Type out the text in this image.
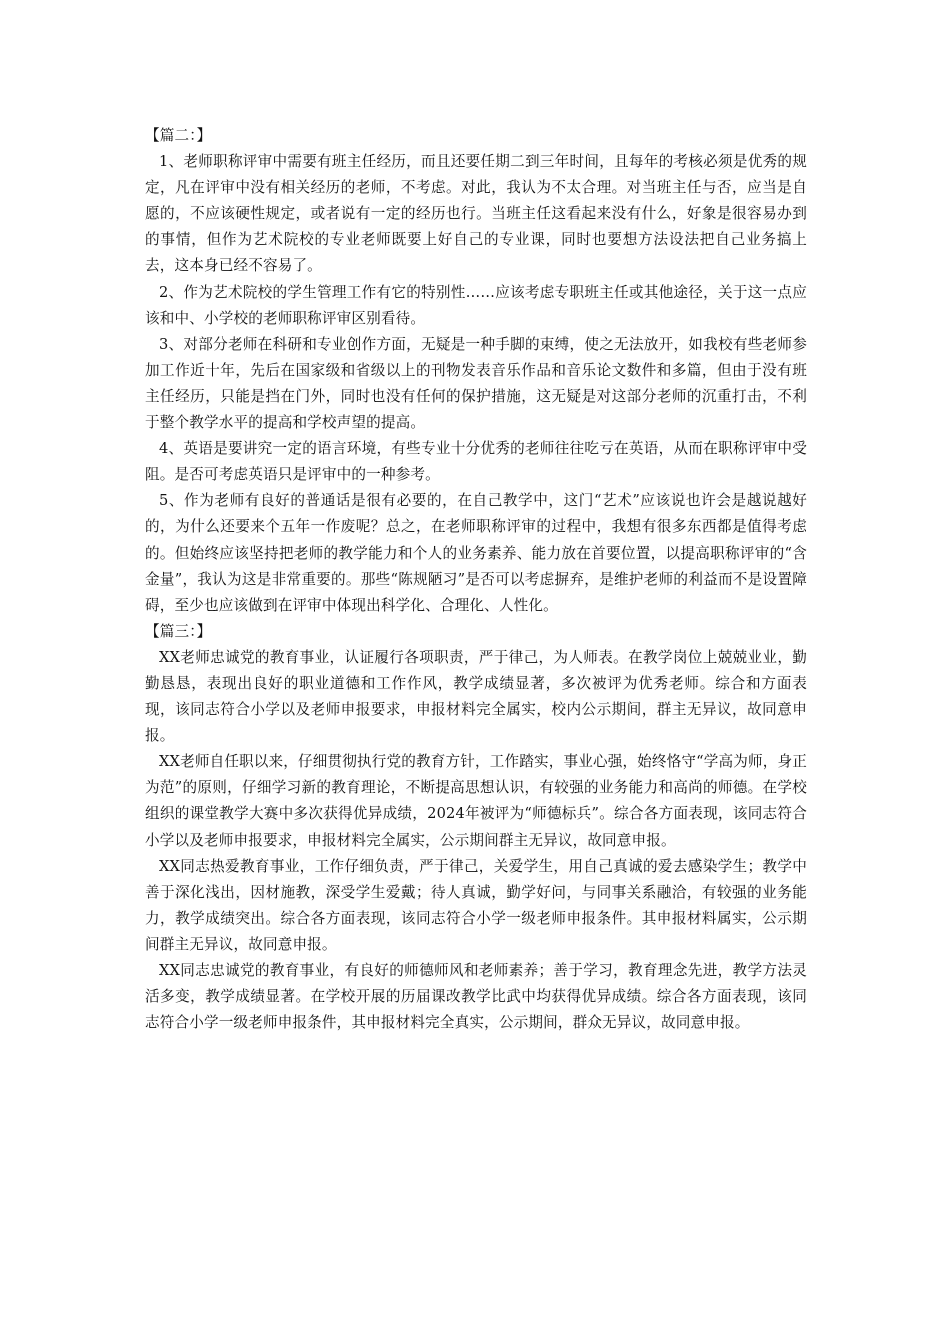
【篇二：】

1、老师职称评审中需要有班主任经历，而且还要任期二到三年时间，且每年的考核必须是优秀的规定，凡在评审中没有相关经历的老师，不考虑。对此，我认为不太合理。对当班主任与否，应当是自愿的，不应该硬性规定，或者说有一定的经历也行。当班主任这看起来没有什么，好象是很容易办到的事情，但作为艺术院校的专业老师既要上好自己的专业课，同时也要想方法设法把自己业务搞上去，这本身已经不容易了。

2、作为艺术院校的学生管理工作有它的特别性……应该考虑专职班主任或其他途径，关于这一点应该和中、小学校的老师职称评审区别看待。

3、对部分老师在科研和专业创作方面，无疑是一种手脚的束缚，使之无法放开，如我校有些老师参加工作近十年，先后在国家级和省级以上的刊物发表音乐作品和音乐论文数件和多篇，但由于没有班主任经历，只能是挡在门外，同时也没有任何的保护措施，这无疑是对这部分老师的沉重打击，不利于整个教学水平的提高和学校声望的提高。

4、英语是要讲究一定的语言环境，有些专业十分优秀的老师往往吃亏在英语，从而在职称评审中受阻。是否可考虑英语只是评审中的一种参考。

5、作为老师有良好的普通话是很有必要的，在自己教学中，这门“艺术”应该说也许会是越说越好的，为什么还要来个五年一作废呢？总之，在老师职称评审的过程中，我想有很多东西都是值得考虑的。但始终应该坚持把老师的教学能力和个人的业务素养、能力放在首要位置，以提高职称评审的“含金量”，我认为这是非常重要的。那些“陈规陋习”是否可以考虑摒弃，是维护老师的利益而不是设置障碍，至少也应该做到在评审中体现出科学化、合理化、人性化。

【篇三：】

XX老师忠诚党的教育事业，认证履行各项职责，严于律己，为人师表。在教学岗位上兢兢业业，勤勤恳恳，表现出良好的职业道德和工作作风，教学成绩显著，多次被评为优秀老师。综合和方面表现，该同志符合小学以及老师申报要求，申报材料完全属实，校内公示期间，群主无异议，故同意申报。

XX老师自任职以来，仔细贯彻执行党的教育方针，工作踏实，事业心强，始终恪守“学高为师，身正为范”的原则，仔细学习新的教育理论，不断提高思想认识，有较强的业务能力和高尚的师德。在学校组织的课堂教学大赛中多次获得优异成绩，2024年被评为“师德标兵”。综合各方面表现，该同志符合小学以及老师申报要求，申报材料完全属实，公示期间群主无异议，故同意申报。

XX同志热爱教育事业，工作仔细负责，严于律己，关爱学生，用自己真诚的爱去感染学生；教学中善于深化浅出，因材施教，深受学生爱戴；待人真诚，勤学好问，与同事关系融洽，有较强的业务能力，教学成绩突出。综合各方面表现，该同志符合小学一级老师申报条件。其申报材料属实，公示期间群主无异议，故同意申报。

XX同志忠诚党的教育事业，有良好的师德师风和老师素养；善于学习，教育理念先进，教学方法灵活多变，教学成绩显著。在学校开展的历届课改教学比武中均获得优异成绩。综合各方面表现，该同志符合小学一级老师申报条件，其申报材料完全真实，公示期间，群众无异议，故同意申报。
